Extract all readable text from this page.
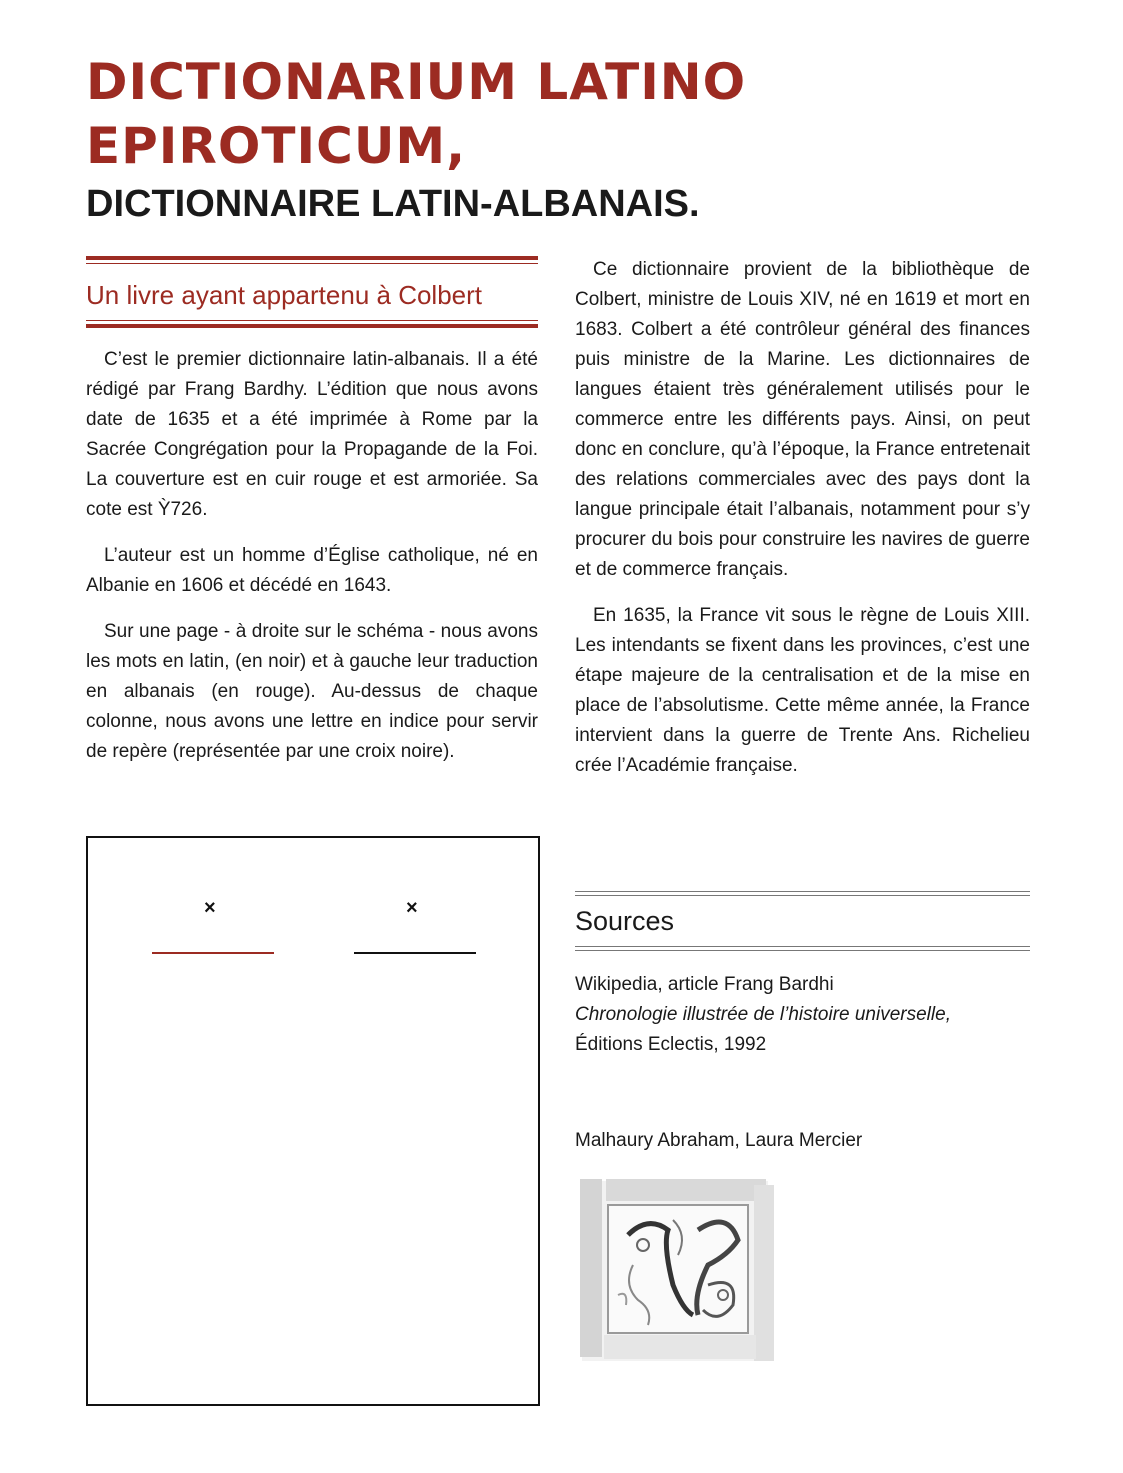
DICTIONARIUM LATINO
EPIROTICUM,
DICTIONNAIRE LATIN-ALBANAIS.
Un livre ayant appartenu à Colbert

C’est le premier dictionnaire latin-albanais. Il a été rédigé par Frang Bardhy. L’édition que nous avons date de 1635 et a été imprimée à Rome par la Sacrée Congrégation pour la Propagande de la Foi. La couverture est en cuir rouge et est armoriée. Sa cote est Ỳ726.

L’auteur est un homme d’Église catholique, né en Albanie en 1606 et décédé en 1643.

Sur une page - à droite sur le schéma - nous avons les mots en latin, (en noir) et à gauche leur traduction en albanais (en rouge). Au-dessus de chaque colonne, nous avons une lettre en indice pour servir de repère (représentée par une croix noire).

×	×

Ce dictionnaire provient de la bibliothèque de Colbert, ministre de Louis XIV, né en 1619 et mort en 1683. Colbert a été contrôleur général des finances puis ministre de la Marine. Les dictionnaires de langues étaient très généralement utilisés pour le commerce entre les différents pays. Ainsi, on peut donc en conclure, qu’à l’époque, la France entretenait des relations commerciales avec des pays dont la langue principale était l’albanais, notamment pour s’y procurer du bois pour construire les navires de guerre et de commerce français.

En 1635, la France vit sous le règne de Louis XIII. Les intendants se fixent dans les provinces, c’est une étape majeure de la centralisation et de la mise en place de l’absolutisme. Cette même année, la France intervient dans la guerre de Trente Ans. Richelieu crée l’Académie française.

Sources
Wikipedia, article Frang Bardhi
Chronologie illustrée de l’histoire universelle,
Éditions Eclectis, 1992
Malhaury Abraham, Laura Mercier
